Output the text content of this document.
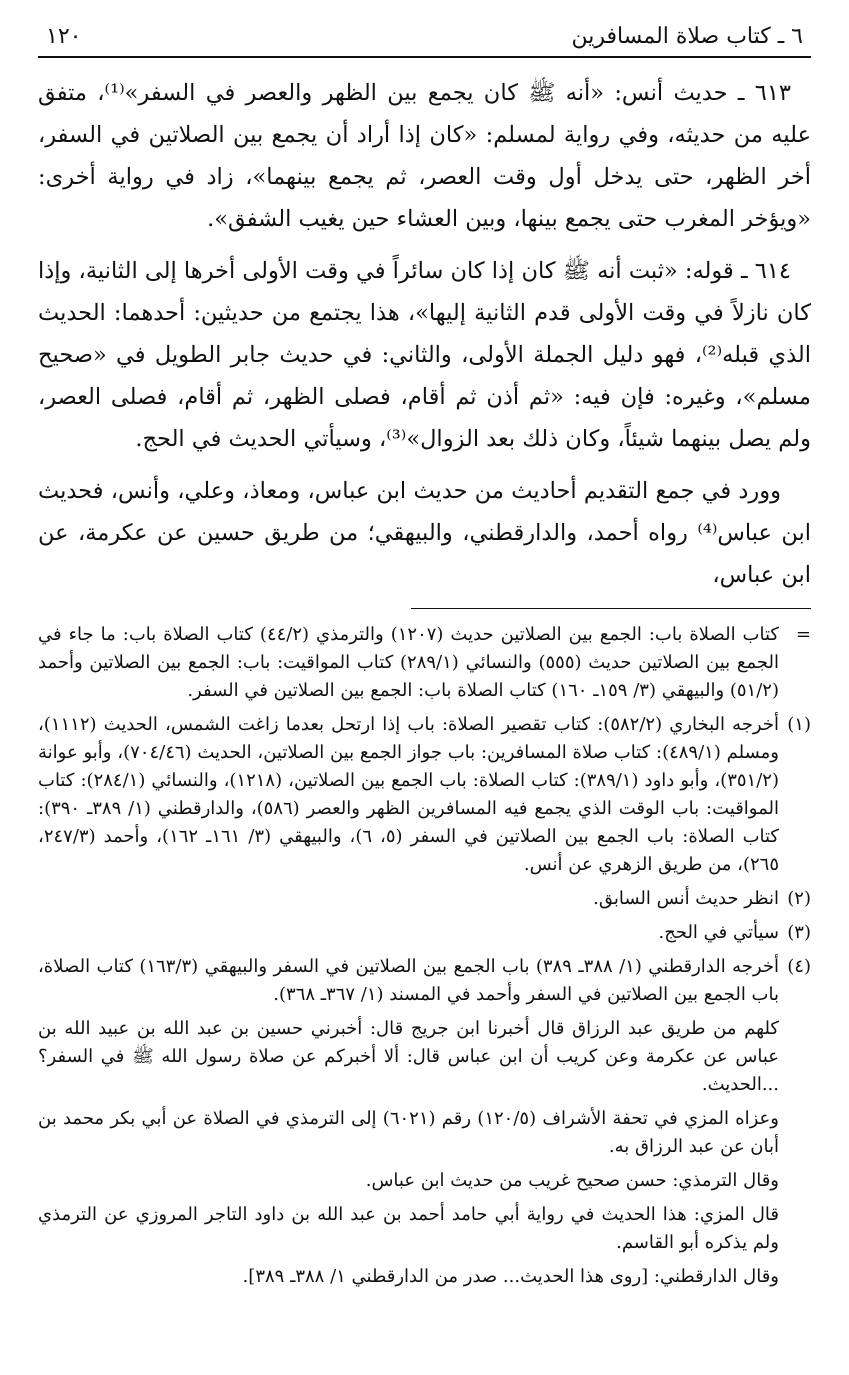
٦ ـ كتاب صلاة المسافرين
١٢٠

٦١٣ ـ حديث أنس: «أنه ﷺ كان يجمع بين الظهر والعصر في السفر»⁽¹⁾، متفق عليه من حديثه، وفي رواية لمسلم: «كان إذا أراد أن يجمع بين الصلاتين في السفر، أخر الظهر، حتى يدخل أول وقت العصر، ثم يجمع بينهما»، زاد في رواية أخرى: «ويؤخر المغرب حتى يجمع بينها، وبين العشاء حين يغيب الشفق».

٦١٤ ـ قوله: «ثبت أنه ﷺ كان إذا كان سائراً في وقت الأولى أخرها إلى الثانية، وإذا كان نازلاً في وقت الأولى قدم الثانية إليها»، هذا يجتمع من حديثين: أحدهما: الحديث الذي قبله⁽²⁾، فهو دليل الجملة الأولى، والثاني: في حديث جابر الطويل في «صحيح مسلم»، وغيره: فإن فيه: «ثم أذن ثم أقام، فصلى الظهر، ثم أقام، فصلى العصر، ولم يصل بينهما شيئاً، وكان ذلك بعد الزوال»⁽³⁾، وسيأتي الحديث في الحج.

وورد في جمع التقديم أحاديث من حديث ابن عباس، ومعاذ، وعلي، وأنس، فحديث ابن عباس⁽⁴⁾ رواه أحمد، والدارقطني، والبيهقي؛ من طريق حسين عن عكرمة، عن ابن عباس،

=
كتاب الصلاة باب: الجمع بين الصلاتين حديث (١٢٠٧) والترمذي (٤٤/٢) كتاب الصلاة باب: ما جاء في الجمع بين الصلاتين حديث (٥٥٥) والنسائي (٢٨٩/١) كتاب المواقيت: باب: الجمع بين الصلاتين وأحمد (٥١/٢) والبيهقي (٣/ ١٥٩ـ ١٦٠) كتاب الصلاة باب: الجمع بين الصلاتين في السفر.
(١)
أخرجه البخاري (٥٨٢/٢): كتاب تقصير الصلاة: باب إذا ارتحل بعدما زاغت الشمس، الحديث (١١١٢)، ومسلم (٤٨٩/١): كتاب صلاة المسافرين: باب جواز الجمع بين الصلاتين، الحديث (٧٠٤/٤٦)، وأبو عوانة (٣٥١/٢)، وأبو داود (٣٨٩/١): كتاب الصلاة: باب الجمع بين الصلاتين، (١٢١٨)، والنسائي (٢٨٤/١): كتاب المواقيت: باب الوقت الذي يجمع فيه المسافرين الظهر والعصر (٥٨٦)، والدارقطني (١/ ٣٨٩ـ ٣٩٠): كتاب الصلاة: باب الجمع بين الصلاتين في السفر (٥، ٦)، والبيهقي (٣/ ١٦١ـ ١٦٢)، وأحمد (٢٤٧/٣، ٢٦٥)، من طريق الزهري عن أنس.
(٢)
انظر حديث أنس السابق.
(٣)
سيأتي في الحج.
(٤)
أخرجه الدارقطني (١/ ٣٨٨ـ ٣٨٩) باب الجمع بين الصلاتين في السفر والبيهقي (١٦٣/٣) كتاب الصلاة، باب الجمع بين الصلاتين في السفر وأحمد في المسند (١/ ٣٦٧ـ ٣٦٨).
كلهم من طريق عبد الرزاق قال أخبرنا ابن جريج قال: أخبرني حسين بن عبد الله بن عبيد الله بن عباس عن عكرمة وعن كريب أن ابن عباس قال: ألا أخبركم عن صلاة رسول الله ﷺ في السفر؟ ...الحديث.
وعزاه المزي في تحفة الأشراف (١٢٠/٥) رقم (٦٠٢١) إلى الترمذي في الصلاة عن أبي بكر محمد بن أبان عن عبد الرزاق به.
وقال الترمذي: حسن صحيح غريب من حديث ابن عباس.
قال المزي: هذا الحديث في رواية أبي حامد أحمد بن عبد الله بن داود التاجر المروزي عن الترمذي ولم يذكره أبو القاسم.
وقال الدارقطني: [روى هذا الحديث... صدر من الدارقطني ١/ ٣٨٨ـ ٣٨٩].
